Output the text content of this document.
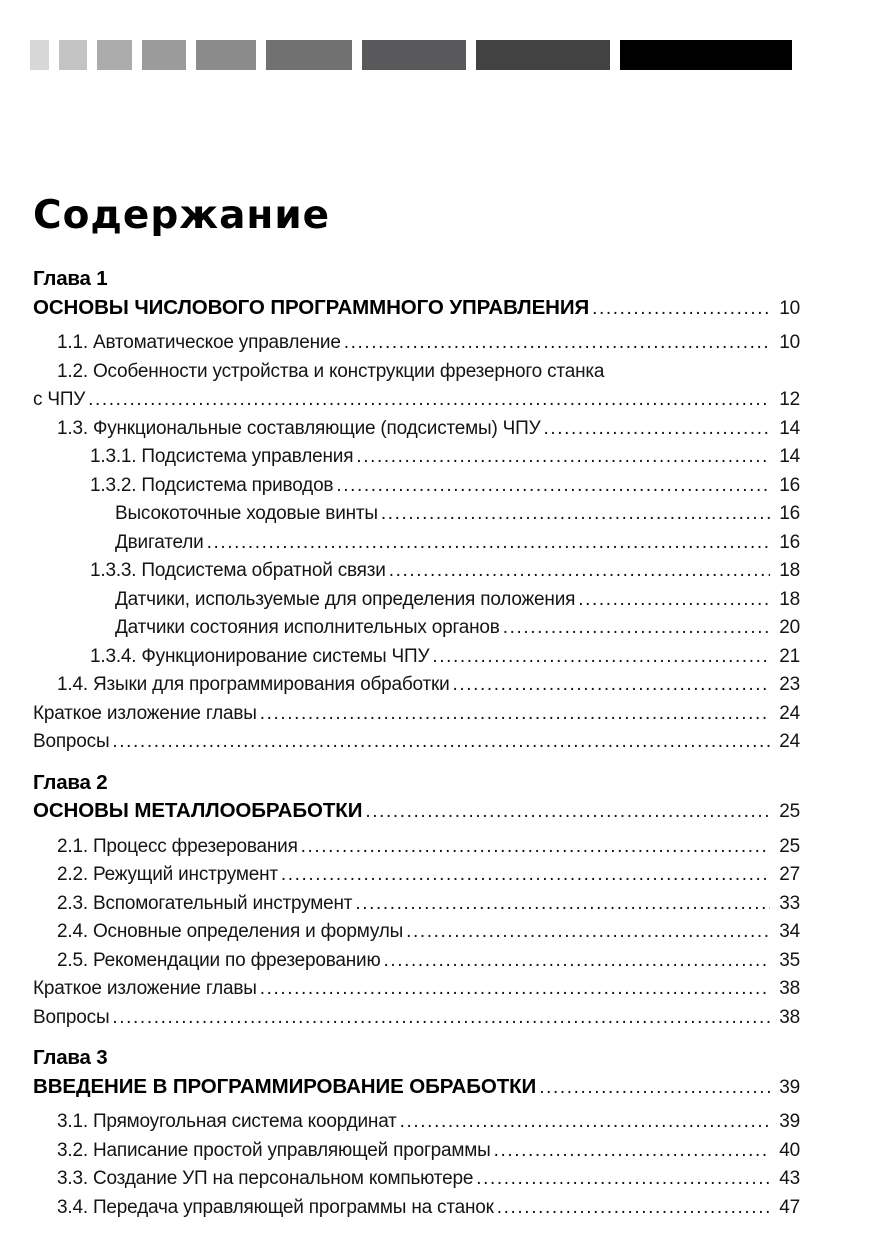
Содержание
Глава 1
ОСНОВЫ ЧИСЛОВОГО ПРОГРАММНОГО УПРАВЛЕНИЯ .....	10
1.1. Автоматическое управление .....	10
1.2. Особенности устройства и конструкции фрезерного станка
с ЧПУ .....	12
1.3. Функциональные составляющие (подсистемы) ЧПУ .....	14
1.3.1. Подсистема управления .....	14
1.3.2. Подсистема приводов .....	16
Высокоточные ходовые винты .....	16
Двигатели .....	16
1.3.3. Подсистема обратной связи .....	18
Датчики, используемые для определения положения .....	18
Датчики состояния исполнительных органов .....	20
1.3.4. Функционирование системы ЧПУ .....	21
1.4. Языки для программирования обработки .....	23
Краткое изложение главы .....	24
Вопросы .....	24
Глава 2
ОСНОВЫ МЕТАЛЛООБРАБОТКИ .....	25
2.1. Процесс фрезерования .....	25
2.2. Режущий инструмент .....	27
2.3. Вспомогательный инструмент .....	33
2.4. Основные определения и формулы .....	34
2.5. Рекомендации по фрезерованию .....	35
Краткое изложение главы .....	38
Вопросы .....	38
Глава 3
ВВЕДЕНИЕ В ПРОГРАММИРОВАНИЕ ОБРАБОТКИ .....	39
3.1. Прямоугольная система координат .....	39
3.2. Написание простой управляющей программы .....	40
3.3. Создание УП на персональном компьютере .....	43
3.4. Передача управляющей программы на станок .....	47
